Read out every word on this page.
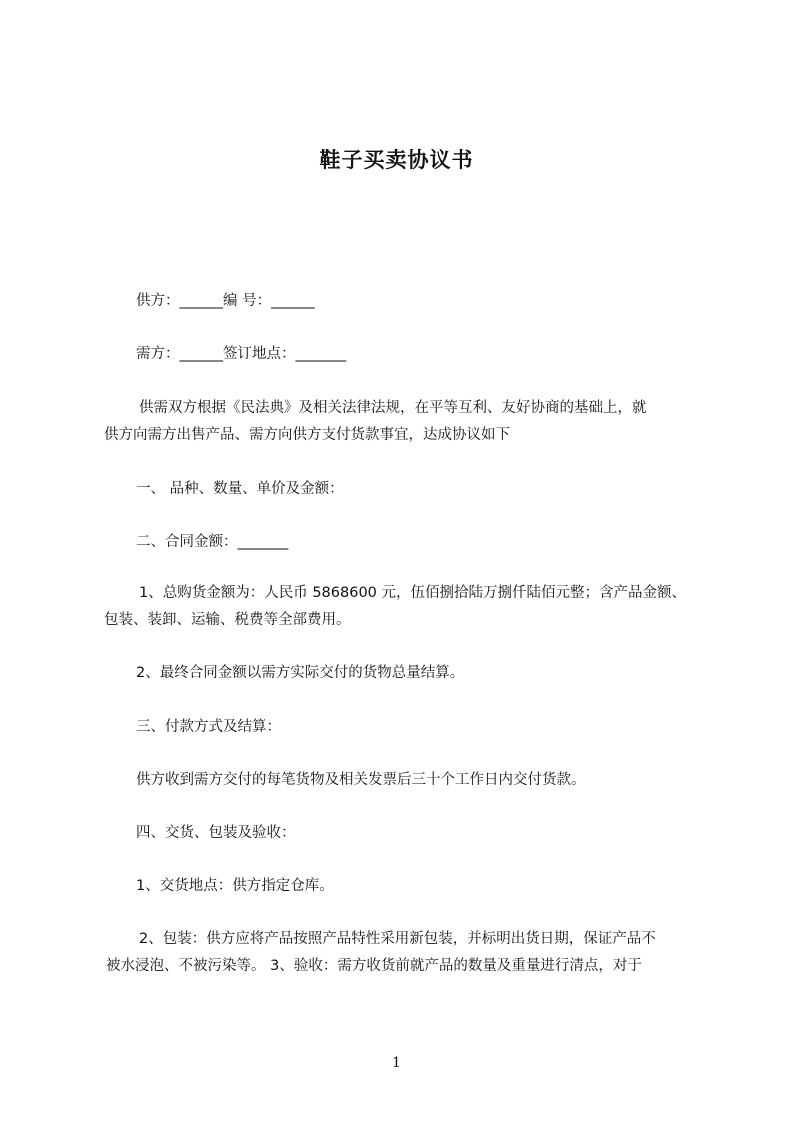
鞋子买卖协议书
供方：______编 号：______
需方：______签订地点：_______
供需双方根据《民法典》及相关法律法规，在平等互利、友好协商的基础上，就
供方向需方出售产品、需方向供方支付货款事宜，达成协议如下
一、 品种、数量、单价及金额：
二、合同金额：_______
1、总购货金额为：人民币 5868600 元，伍佰捌拾陆万捌仟陆佰元整；含产品金额、
包装、装卸、运输、税费等全部费用。
2、最终合同金额以需方实际交付的货物总量结算。
三、付款方式及结算：
供方收到需方交付的每笔货物及相关发票后三十个工作日内交付货款。
四、交货、包装及验收：
1、交货地点：供方指定仓库。
2、包装：供方应将产品按照产品特性采用新包装，并标明出货日期，保证产品不
被水浸泡、不被污染等。 3、验收：需方收货前就产品的数量及重量进行清点，对于
1
